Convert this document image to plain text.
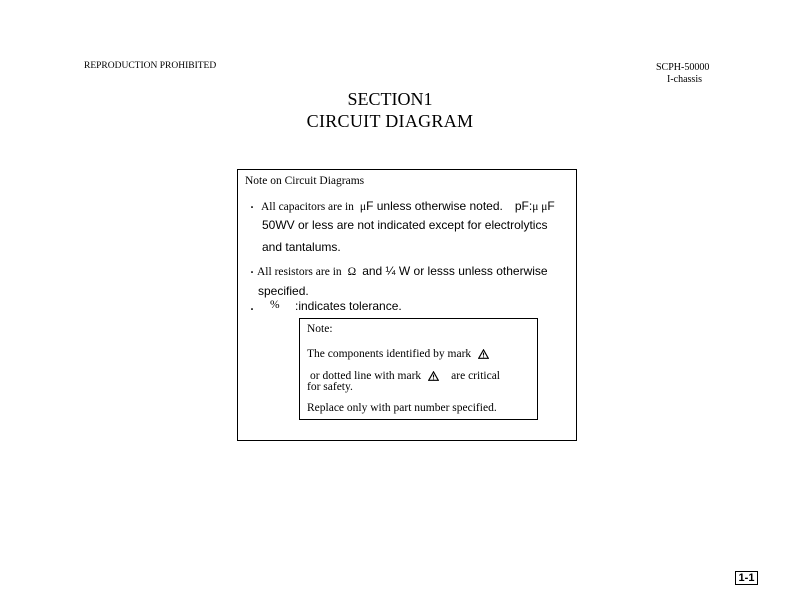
REPRODUCTION PROHIBITED	SCPH-50000
I-chassis
SECTION1
CIRCUIT DIAGRAM
Note on Circuit Diagrams
・ All capacitors are in μF unless otherwise noted. pF:μ μF
50WV or less are not indicated except for electrolytics
and tantalums.
・ All resistors are in Ω and ¼ W or lesss unless otherwise
specified.
・ % :indicates tolerance.
Note:
The components identified by mark
or dotted line with mark	are critical
for safety.
Replace only with part number specified.
1-1
